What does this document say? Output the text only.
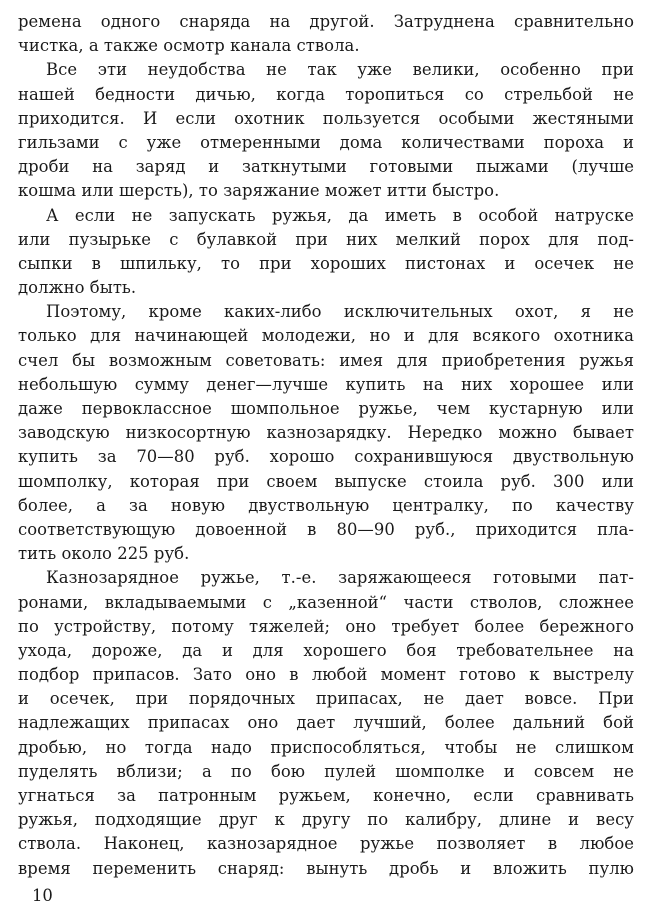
ремена одного снаряда на другой. Затруднена сравнительно
чистка, а также осмотр канала ствола.
Все эти неудобства не так уже велики, особенно при
нашей бедности дичью, когда торопиться со стрельбой не
приходится. И если охотник пользуется особыми жестяными
гильзами с уже отмеренными дома количествами пороха и
дроби на заряд и заткнутыми готовыми пыжами (лучше
кошма или шерсть), то заряжание может итти быстро.
А если не запускать ружья, да иметь в особой натруске
или пузырьке с булавкой при них мелкий порох для под-
сыпки в шпильку, то при хороших пистонах и осечек не
должно быть.
Поэтому, кроме каких-либо исключительных охот, я не
только для начинающей молодежи, но и для всякого охотника
счел бы возможным советовать: имея для приобретения ружья
небольшую сумму денег—лучше купить на них хорошее или
даже первоклассное шомпольное ружье, чем кустарную или
заводскую низкосортную казнозарядку. Нередко можно бывает
купить за 70—80 руб. хорошо сохранившуюся двуствольную
шомполку, которая при своем выпуске стоила руб. 300 или
более, а за новую двуствольную централку, по качеству
соответствующую довоенной в 80—90 руб., приходится пла-
тить около 225 руб.
Казнозарядное ружье, т.-е. заряжающееся готовыми пат-
ронами, вкладываемыми с „казенной“ части стволов, сложнее
по устройству, потому тяжелей; оно требует более бережного
ухода, дороже, да и для хорошего боя требовательнее на
подбор припасов. Зато оно в любой момент готово к выстрелу
и осечек, при порядочных припасах, не дает вовсе. При
надлежащих припасах оно дает лучший, более дальний бой
дробью, но тогда надо приспособляться, чтобы не слишком
пуделять вблизи; а по бою пулей шомполке и совсем не
угнаться за патронным ружьем, конечно, если сравнивать
ружья, подходящие друг к другу по калибру, длине и весу
ствола. Наконец, казнозарядное ружье позволяет в любое
время переменить снаряд: вынуть дробь и вложить пулю
10
